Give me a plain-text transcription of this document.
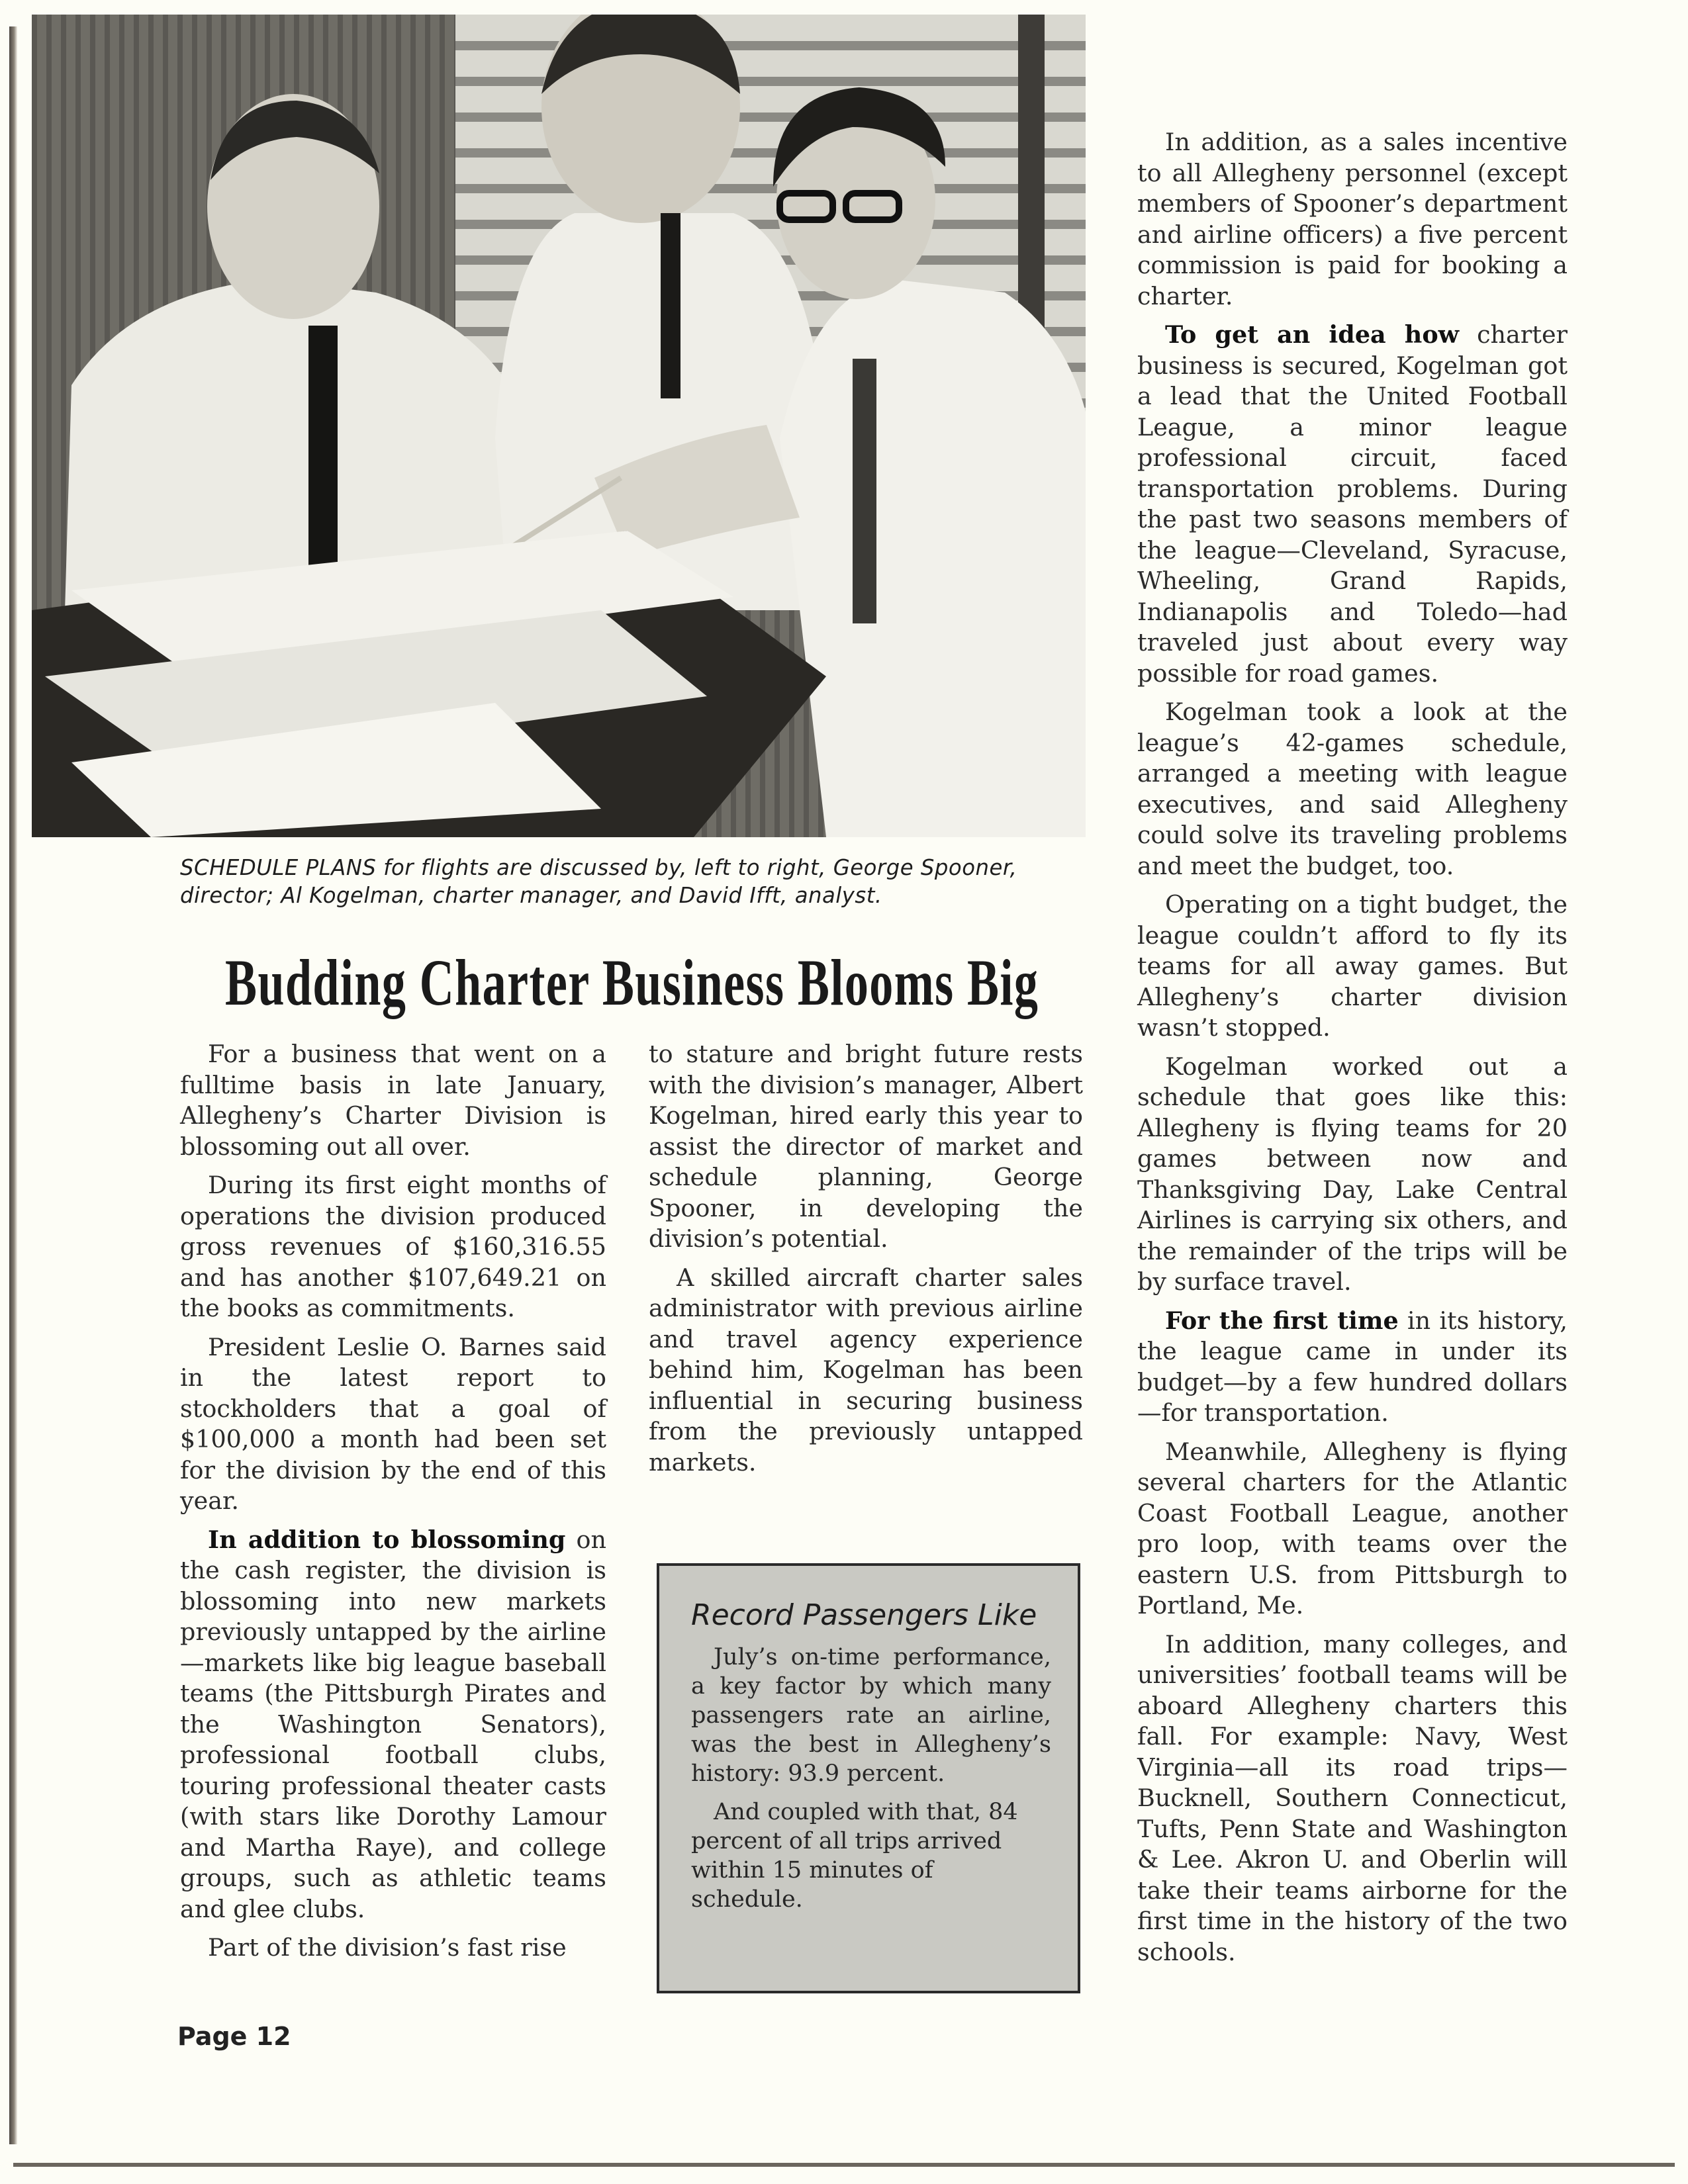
SCHEDULE PLANS for flights are discussed by, left to right, George Spooner, director; Al Kogelman, charter manager, and David Ifft, analyst.
Budding Charter Business Blooms Big

For a business that went on a fulltime basis in late January, Allegheny’s Charter Division is blossoming out all over.

During its first eight months of operations the division produced gross revenues of $160,316.55 and has another $107,649.21 on the books as commitments.

President Leslie O. Barnes said in the latest report to stockholders that a goal of $100,000 a month had been set for the division by the end of this year.

In addition to blossoming on the cash register, the division is blossoming into new markets previously untapped by the airline—markets like big league baseball teams (the Pittsburgh Pirates and the Washington Senators), professional football clubs, touring professional theater casts (with stars like Dorothy Lamour and Martha Raye), and college groups, such as athletic teams and glee clubs.

Part of the division’s fast rise

to stature and bright future rests with the division’s manager, Albert Kogelman, hired early this year to assist the director of market and schedule planning, George Spooner, in developing the division’s potential.

A skilled aircraft charter sales administrator with previous airline and travel agency experience behind him, Kogelman has been influential in securing business from the previously untapped markets.

Record Passengers Like

July’s on-time performance, a key factor by which many passengers rate an airline, was the best in Allegheny’s history: 93.9 percent.

And coupled with that, 84 percent of all trips arrived within 15 minutes of schedule.

In addition, as a sales incentive to all Allegheny personnel (except members of Spooner’s department and airline officers) a five percent commission is paid for booking a charter.

To get an idea how charter business is secured, Kogelman got a lead that the United Football League, a minor league professional circuit, faced transportation problems. During the past two seasons members of the league—Cleveland, Syracuse, Wheeling, Grand Rapids, Indianapolis and Toledo—had traveled just about every way possible for road games.

Kogelman took a look at the league’s 42-games schedule, arranged a meeting with league executives, and said Allegheny could solve its traveling problems and meet the budget, too.

Operating on a tight budget, the league couldn’t afford to fly its teams for all away games. But Allegheny’s charter division wasn’t stopped.

Kogelman worked out a schedule that goes like this: Allegheny is flying teams for 20 games between now and Thanksgiving Day, Lake Central Airlines is carrying six others, and the remainder of the trips will be by surface travel.

For the first time in its history, the league came in under its budget—by a few hundred dollars—for transportation.

Meanwhile, Allegheny is flying several charters for the Atlantic Coast Football League, another pro loop, with teams over the eastern U.S. from Pittsburgh to Portland, Me.

In addition, many colleges, and universities’ football teams will be aboard Allegheny charters this fall. For example: Navy, West Virginia—all its road trips—Bucknell, Southern Connecticut, Tufts, Penn State and Washington & Lee. Akron U. and Oberlin will take their teams airborne for the first time in the history of the two schools.

Page 12
